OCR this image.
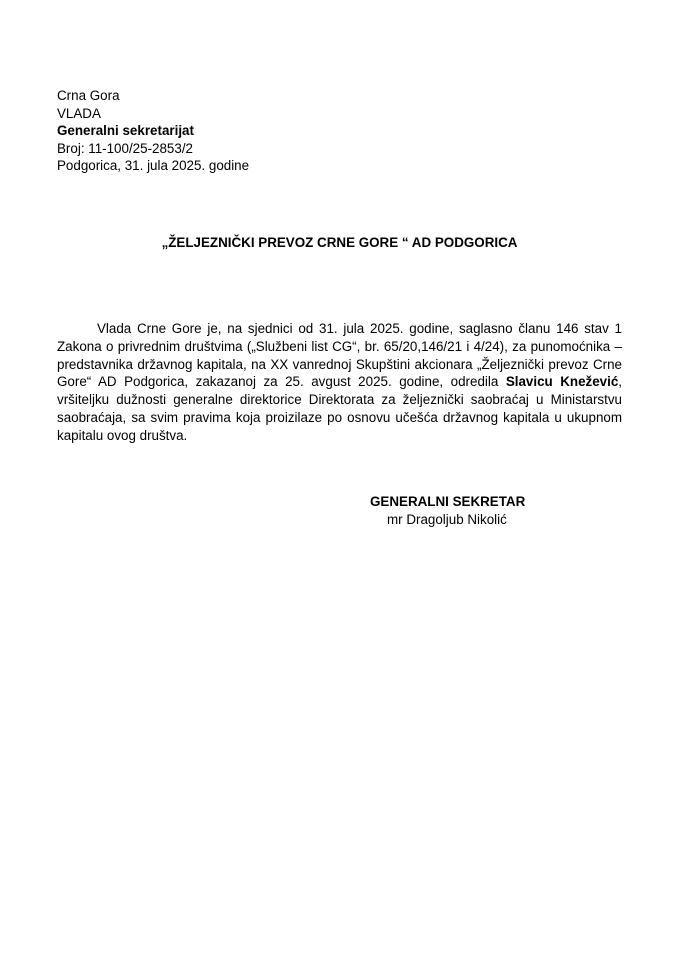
Crna Gora
VLADA
Generalni sekretarijat
Broj: 11-100/25-2853/2
Podgorica, 31. jula 2025. godine
„ŽELJEZNIČKI PREVOZ CRNE GORE “ AD PODGORICA

Vlada Crne Gore je, na sjednici od 31. jula 2025. godine, saglasno članu 146 stav 1 Zakona o privrednim društvima („Službeni list CG“, br. 65/20,146/21 i 4/24), za punomoćnika – predstavnika državnog kapitala, na XX vanrednoj Skupštini akcionara „Željeznički prevoz Crne Gore“ AD Podgorica, zakazanoj za 25. avgust 2025. godine, odredila Slavicu Knežević, vršiteljku dužnosti generalne direktorice Direktorata za željeznički saobraćaj u Ministarstvu saobraćaja, sa svim pravima koja proizilaze po osnovu učešća državnog kapitala u ukupnom kapitalu ovog društva.

GENERALNI SEKRETAR
mr Dragoljub Nikolić
